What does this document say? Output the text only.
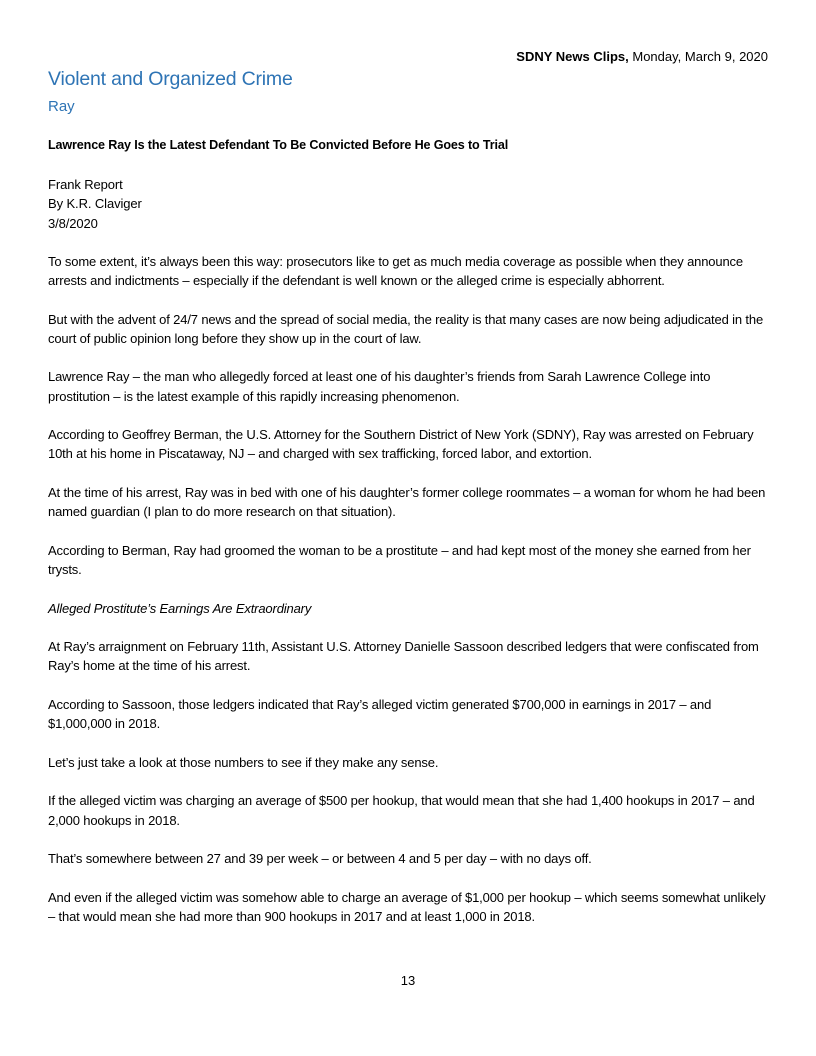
SDNY News Clips, Monday, March 9, 2020
Violent and Organized Crime
Ray

Lawrence Ray Is the Latest Defendant To Be Convicted Before He Goes to Trial

Frank Report

By K.R. Claviger

3/8/2020

To some extent, it’s always been this way: prosecutors like to get as much media coverage as possible when they announce arrests and indictments – especially if the defendant is well known or the alleged crime is especially abhorrent.

But with the advent of 24/7 news and the spread of social media, the reality is that many cases are now being adjudicated in the court of public opinion long before they show up in the court of law.

Lawrence Ray – the man who allegedly forced at least one of his daughter’s friends from Sarah Lawrence College into prostitution – is the latest example of this rapidly increasing phenomenon.

According to Geoffrey Berman, the U.S. Attorney for the Southern District of New York (SDNY), Ray was arrested on February 10th at his home in Piscataway, NJ – and charged with sex trafficking, forced labor, and extortion.

At the time of his arrest, Ray was in bed with one of his daughter’s former college roommates – a woman for whom he had been named guardian (I plan to do more research on that situation).

According to Berman, Ray had groomed the woman to be a prostitute – and had kept most of the money she earned from her trysts.

Alleged Prostitute’s Earnings Are Extraordinary

At Ray’s arraignment on February 11th, Assistant U.S. Attorney Danielle Sassoon described ledgers that were confiscated from Ray’s home at the time of his arrest.

According to Sassoon, those ledgers indicated that Ray’s alleged victim generated $700,000 in earnings in 2017 – and $1,000,000 in 2018.

Let’s just take a look at those numbers to see if they make any sense.

If the alleged victim was charging an average of $500 per hookup, that would mean that she had 1,400 hookups in 2017 – and 2,000 hookups in 2018.

That’s somewhere between 27 and 39 per week – or between 4 and 5 per day – with no days off.

And even if the alleged victim was somehow able to charge an average of $1,000 per hookup – which seems somewhat unlikely – that would mean she had more than 900 hookups in 2017 and at least 1,000 in 2018.

13
